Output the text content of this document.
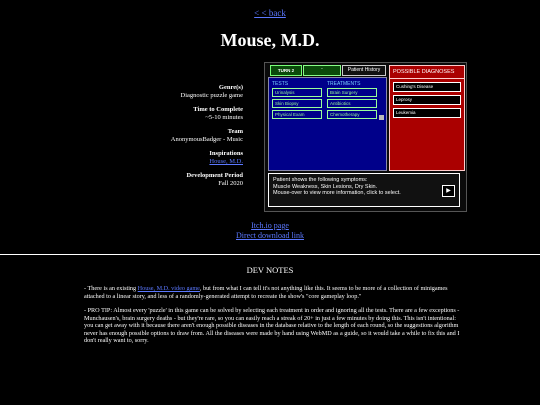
< < back
Mouse, M.D.
Genre(s)
Diagnostic puzzle game
Time to Complete
~5-10 minutes
Team
AnonymousBadger - Music
Inspirations
House, M.D.
Development Period
Fall 2020
TESTS
Urinalysis
Skin Biopsy
Physical Exam
TREATMENTS
Brain Surgery
Antibiotics
Chemotherapy
TURN 2	-	Patient History	POSSIBLE DIAGNOSES
Cushing's Disease
Leprosy
Leukemia
Patient shows the following symptoms:
Muscle Weakness, Skin Lesions, Dry Skin.
Mouse-over to view more information, click to select.	▶
Itch.io page
Direct download link
DEV NOTES
- There is an existing House, M.D. video game, but from what I can tell it's not anything like this. It seems to be more of a collection of minigames attached to a linear story, and less of a randomly-generated attempt to recreate the show's "core gameplay loop."
- PRO TIP: Almost every 'puzzle' in this game can be solved by selecting each treatment in order and ignoring all the tests. There are a few exceptions - Munchausen's, brain surgery deaths - but they're rare, so you can easily reach a streak of 20+ in just a few minutes by doing this. This isn't intentional: you can get away with it because there aren't enough possible diseases in the database relative to the length of each round, so the suggestions algorithm never has enough possible options to draw from. All the diseases were made by hand using WebMD as a guide, so it would take a while to fix this and I don't really want to, sorry.
